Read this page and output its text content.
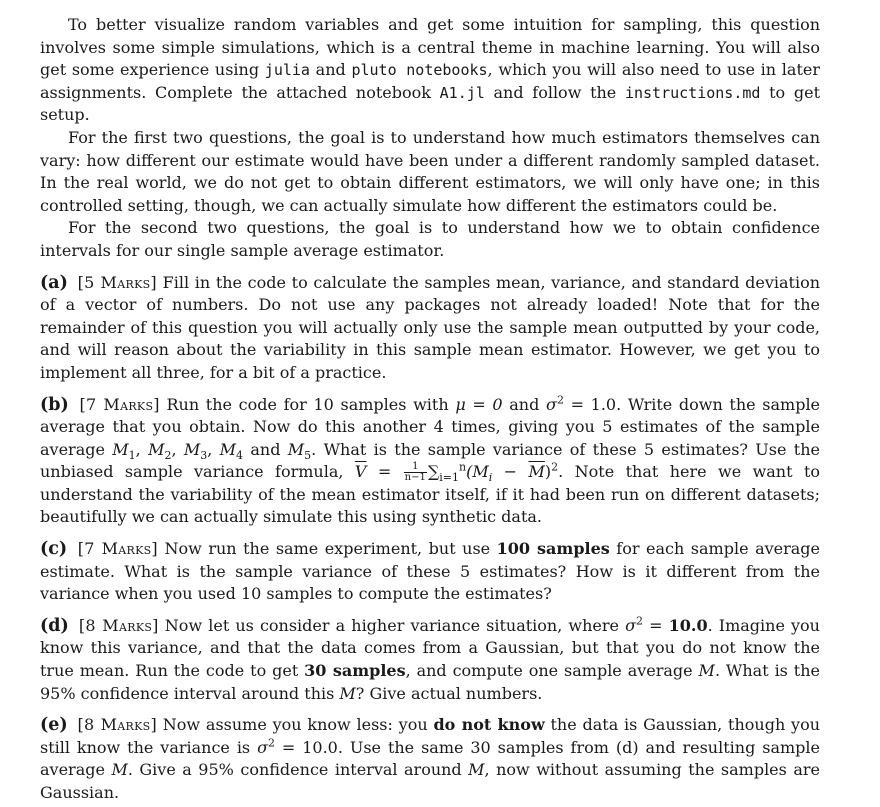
To better visualize random variables and get some intuition for sampling, this question involves some simple simulations, which is a central theme in machine learning. You will also get some experience using julia and pluto notebooks, which you will also need to use in later assignments. Complete the attached notebook A1.jl and follow the instructions.md to get setup.

For the first two questions, the goal is to understand how much estimators themselves can vary: how different our estimate would have been under a different randomly sampled dataset. In the real world, we do not get to obtain different estimators, we will only have one; in this controlled setting, though, we can actually simulate how different the estimators could be.

For the second two questions, the goal is to understand how we to obtain confidence intervals for our single sample average estimator.

(a) [5 Marks] Fill in the code to calculate the samples mean, variance, and standard deviation of a vector of numbers. Do not use any packages not already loaded! Note that for the remainder of this question you will actually only use the sample mean outputted by your code, and will reason about the variability in this sample mean estimator. However, we get you to implement all three, for a bit of a practice.

(b) [7 Marks] Run the code for 10 samples with μ = 0 and $\sigma^2 = 1.0$. Write down the sample average that you obtain. Now do this another 4 times, giving you 5 estimates of the sample average $M_1$, $M_2$, $M_3$, $M_4$ and $M_5$. What is the sample variance of these 5 estimates? Use the unbiased sample variance formula, $\overline{V} = \frac{1}{n-1} \sum_{i=1}^n(M_i - \overline{M})^2$. Note that here we want to understand the variability of the mean estimator itself, if it had been run on different datasets; beautifully we can actually simulate this using synthetic data.

(c) [7 Marks] Now run the same experiment, but use 100 samples for each sample average estimate. What is the sample variance of these 5 estimates? How is it different from the variance when you used 10 samples to compute the estimates?

(d) [8 Marks] Now let us consider a higher variance situation, where $\sigma^2 = 10.0$. Imagine you know this variance, and that the data comes from a Gaussian, but that you do not know the true mean. Run the code to get 30 samples, and compute one sample average M. What is the 95% confidence interval around this M? Give actual numbers.

(e) [8 Marks] Now assume you know less: you do not know the data is Gaussian, though you still know the variance is $\sigma^2 = 10.0$. Use the same 30 samples from (d) and resulting sample average M. Give a 95% confidence interval around M, now without assuming the samples are Gaussian.
